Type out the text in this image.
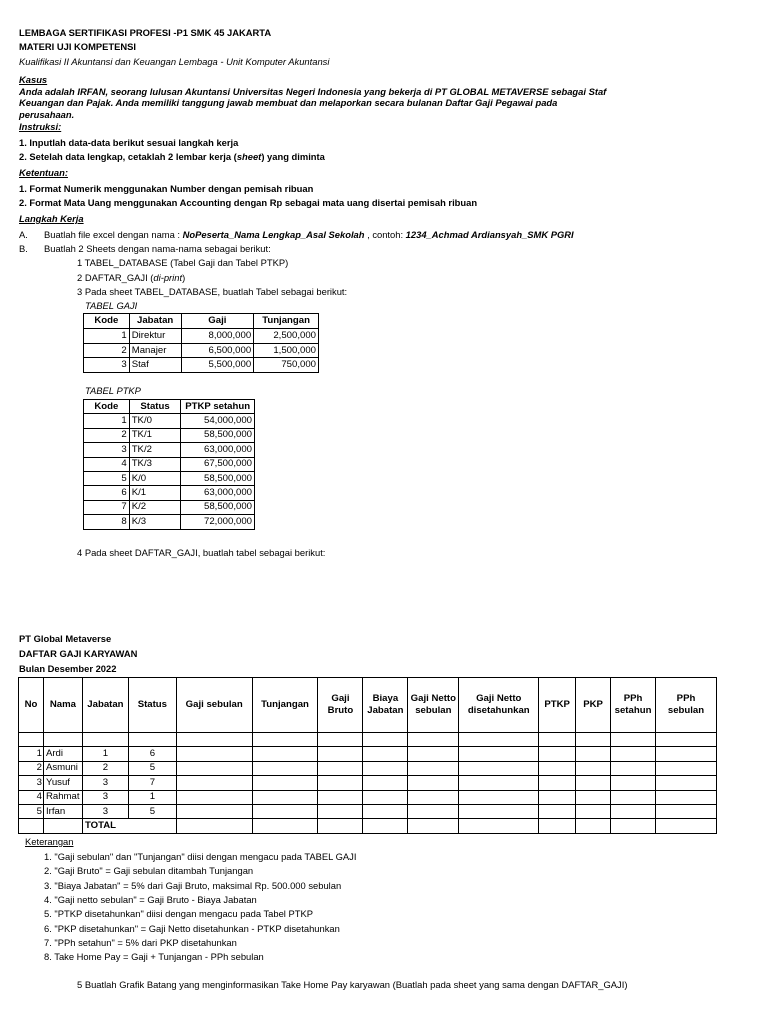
LEMBAGA SERTIFIKASI PROFESI -P1 SMK 45 JAKARTA
MATERI UJI KOMPETENSI
Kualifikasi II Akuntansi dan Keuangan Lembaga - Unit Komputer Akuntansi
Kasus
Anda adalah IRFAN, seorang lulusan Akuntansi Universitas Negeri Indonesia yang bekerja di PT GLOBAL METAVERSE sebagai Staf
Keuangan dan Pajak. Anda memiliki tanggung jawab membuat dan melaporkan secara bulanan Daftar Gaji Pegawai pada
perusahaan.
Instruksi:
1. Inputlah data-data berikut sesuai langkah kerja
2. Setelah data lengkap, cetaklah 2 lembar kerja (sheet) yang diminta
Ketentuan:
1. Format Numerik menggunakan Number dengan pemisah ribuan
2. Format Mata Uang menggunakan Accounting dengan Rp sebagai mata uang disertai pemisah ribuan
Langkah Kerja
A. Buatlah file excel dengan nama : NoPeserta_Nama Lengkap_Asal Sekolah , contoh: 1234_Achmad Ardiansyah_SMK PGRI
B. Buatlah 2 Sheets dengan nama-nama sebagai berikut:
1 TABEL_DATABASE (Tabel Gaji dan Tabel PTKP)
2 DAFTAR_GAJI (di-print)
3 Pada sheet TABEL_DATABASE, buatlah Tabel sebagai berikut:
TABEL GAJI
Kode	Jabatan	Gaji	Tunjangan
1	Direktur	8,000,000	2,500,000
2	Manajer	6,500,000	1,500,000
3	Staf	5,500,000	750,000
TABEL PTKP
Kode	Status	PTKP setahun
1	TK/0	54,000,000
2	TK/1	58,500,000
3	TK/2	63,000,000
4	TK/3	67,500,000
5	K/0	58,500,000
6	K/1	63,000,000
7	K/2	58,500,000
8	K/3	72,000,000
4 Pada sheet DAFTAR_GAJI, buatlah tabel sebagai berikut:
PT Global Metaverse
DAFTAR GAJI KARYAWAN
Bulan Desember 2022
No	Nama	Jabatan	Status	Gaji sebulan	Tunjangan	Gaji Bruto	Biaya Jabatan	Gaji Netto sebulan	Gaji Netto disetahunkan	PTKP	PKP	PPh setahun	PPh sebulan

1	Ardi	1	6										
2	Asmuni	2	5										
3	Yusuf	3	7										
4	Rahmat	3	1										
5	Irfan	3	5										
		TOTAL											
Keterangan
1. "Gaji sebulan" dan "Tunjangan" diisi dengan mengacu pada TABEL GAJI
2. "Gaji Bruto" = Gaji sebulan ditambah Tunjangan
3. "Biaya Jabatan" = 5% dari Gaji Bruto, maksimal Rp. 500.000 sebulan
4. "Gaji netto sebulan" = Gaji Bruto - Biaya Jabatan
5. "PTKP disetahunkan" diisi dengan mengacu pada Tabel PTKP
6. "PKP disetahunkan" = Gaji Netto disetahunkan - PTKP disetahunkan
7. "PPh setahun" = 5% dari PKP disetahunkan
8. Take Home Pay = Gaji + Tunjangan - PPh sebulan
5 Buatlah Grafik Batang yang menginformasikan Take Home Pay karyawan (Buatlah pada sheet yang sama dengan DAFTAR_GAJI)
